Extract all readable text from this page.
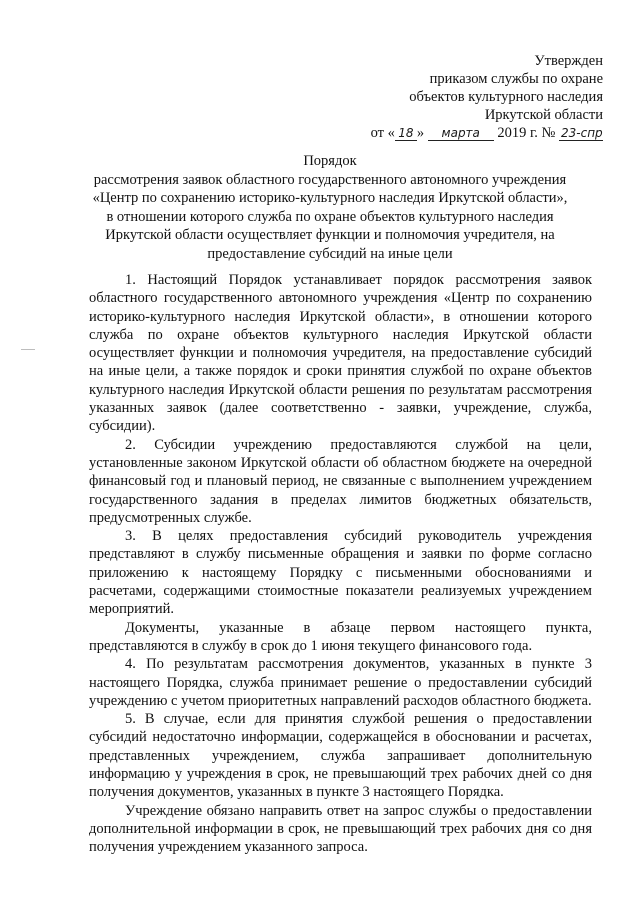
Утвержден
приказом службы по охране
объектов культурного наследия
Иркутской области
от « 18 » марта 2019 г. № 23-спр
Порядок
рассмотрения заявок областного государственного автономного учреждения
«Центр по сохранению историко-культурного наследия Иркутской области»,
в отношении которого служба по охране объектов культурного наследия
Иркутской области осуществляет функции и полномочия учредителя, на
предоставление субсидий на иные цели

1. Настоящий Порядок устанавливает порядок рассмотрения заявок областного государственного автономного учреждения «Центр по сохранению историко-культурного наследия Иркутской области», в отношении которого служба по охране объектов культурного наследия Иркутской области осуществляет функции и полномочия учредителя, на предоставление субсидий на иные цели, а также порядок и сроки принятия службой по охране объектов культурного наследия Иркутской области решения по результатам рассмотрения указанных заявок (далее соответственно - заявки, учреждение, служба, субсидии).

2. Субсидии учреждению предоставляются службой на цели, установленные законом Иркутской области об областном бюджете на очередной финансовый год и плановый период, не связанные с выполнением учреждением государственного задания в пределах лимитов бюджетных обязательств, предусмотренных службе.

3. В целях предоставления субсидий руководитель учреждения представляют в службу письменные обращения и заявки по форме согласно приложению к настоящему Порядку с письменными обоснованиями и расчетами, содержащими стоимостные показатели реализуемых учреждением мероприятий.

Документы, указанные в абзаце первом настоящего пункта, представляются в службу в срок до 1 июня текущего финансового года.

4. По результатам рассмотрения документов, указанных в пункте 3 настоящего Порядка, служба принимает решение о предоставлении субсидий учреждению с учетом приоритетных направлений расходов областного бюджета.

5. В случае, если для принятия службой решения о предоставлении субсидий недостаточно информации, содержащейся в обосновании и расчетах, представленных учреждением, служба запрашивает дополнительную информацию у учреждения в срок, не превышающий трех рабочих дней со дня получения документов, указанных в пункте 3 настоящего Порядка.

Учреждение обязано направить ответ на запрос службы о предоставлении дополнительной информации в срок, не превышающий трех рабочих дня со дня получения учреждением указанного запроса.
